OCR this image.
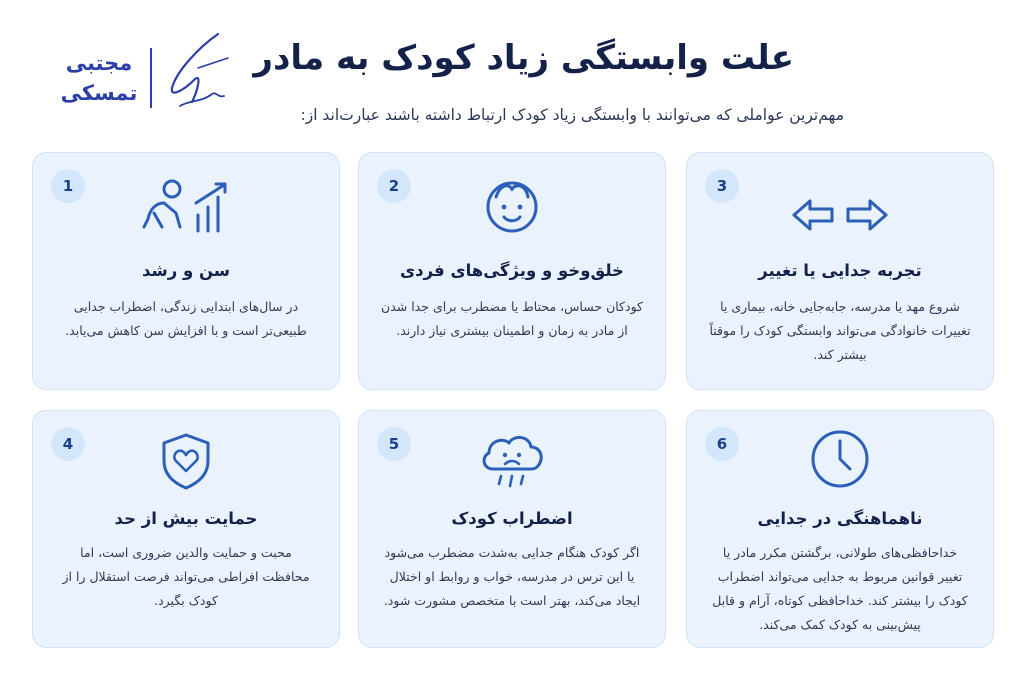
مجتبی
تمسکی
علت وابستگی زیاد کودک به مادر
مهم‌ترین عواملی که می‌توانند با وابستگی زیاد کودک ارتباط داشته باشند عبارت‌اند از:
1
سن و رشد
در سال‌های ابتدایی زندگی، اضطراب جدایی طبیعی‌تر است و با افزایش سن کاهش می‌یابد.
2
خلق‌وخو و ویژگی‌های فردی
کودکان حساس، محتاط یا مضطرب برای جدا شدن از مادر به زمان و اطمینان بیشتری نیاز دارند.
3
تجربه جدایی یا تغییر
شروع مهد یا مدرسه، جابه‌جایی خانه، بیماری یا تغییرات خانوادگی می‌تواند وابستگی کودک را موقتاً بیشتر کند.
4
حمایت بیش از حد
محبت و حمایت والدین ضروری است، اما محافظت افراطی می‌تواند فرصت استقلال را از کودک بگیرد.
5
اضطراب کودک
اگر کودک هنگام جدایی به‌شدت مضطرب می‌شود یا این ترس در مدرسه، خواب و روابط او اختلال ایجاد می‌کند، بهتر است با متخصص مشورت شود.
6
ناهماهنگی در جدایی
خداحافظی‌های طولانی، برگشتن مکرر مادر یا تغییر قوانین مربوط به جدایی می‌تواند اضطراب کودک را بیشتر کند. خداحافظی کوتاه، آرام و قابل پیش‌بینی به کودک کمک می‌کند.
